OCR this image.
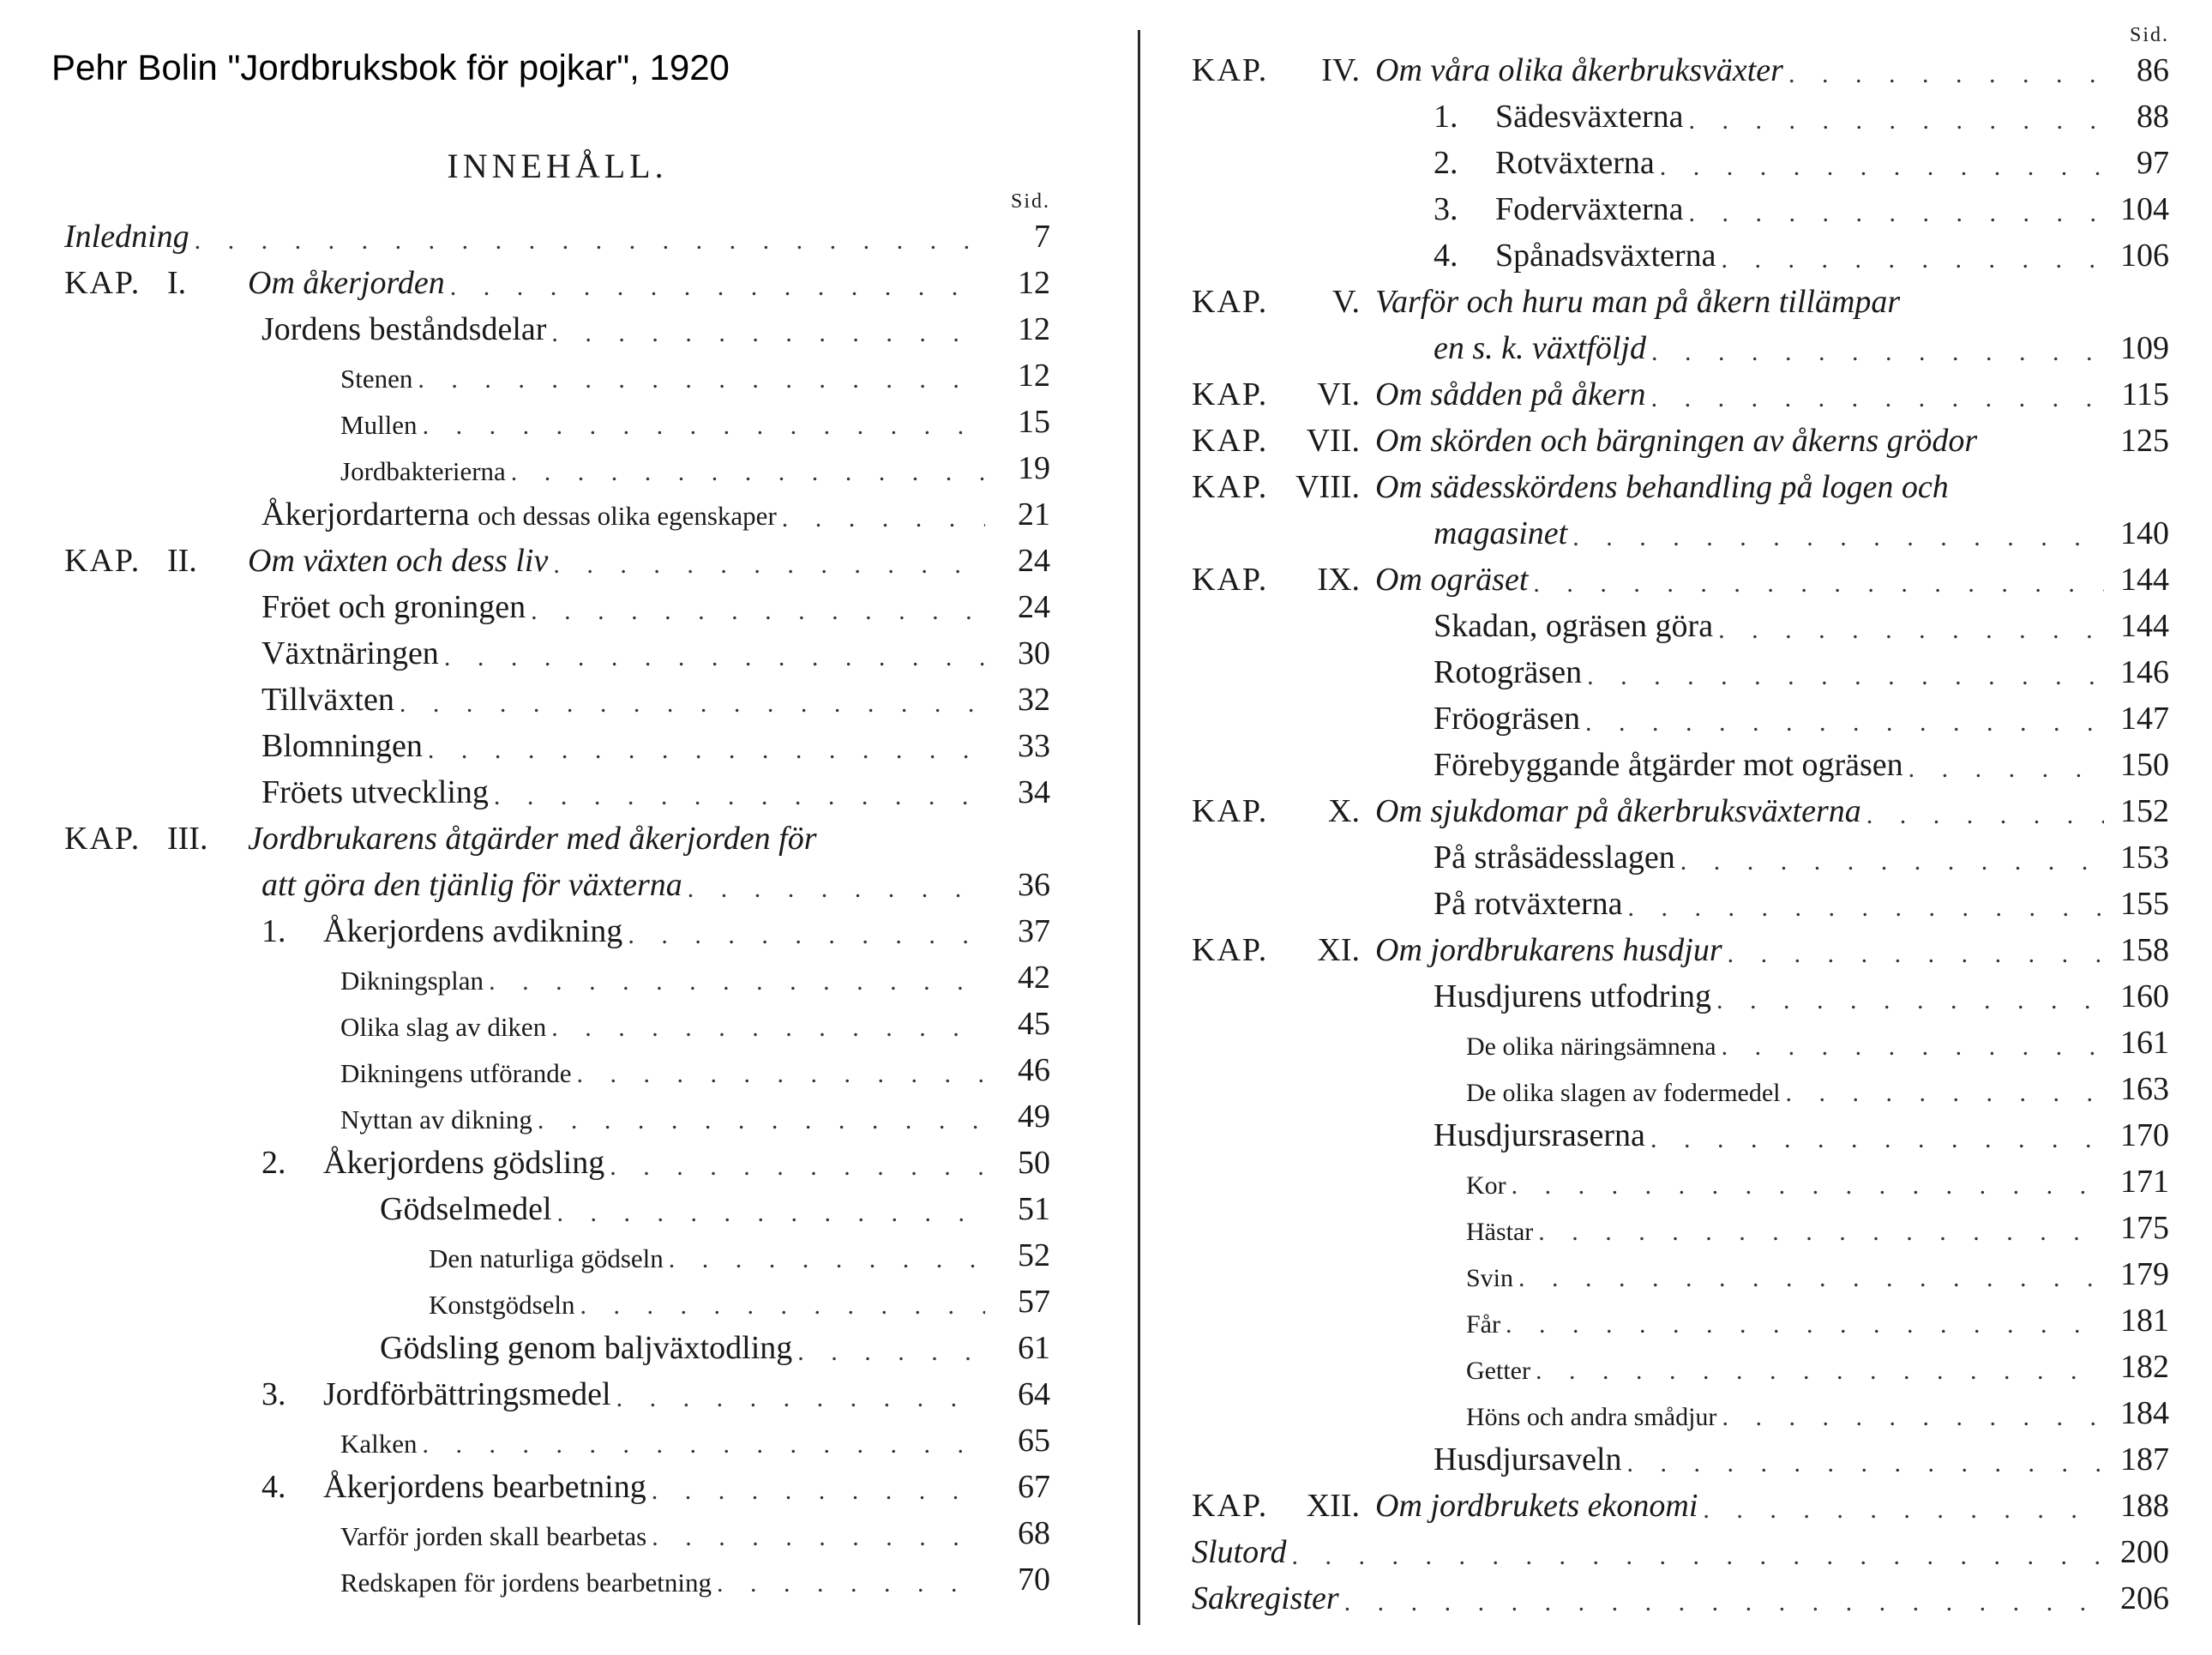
Pehr Bolin "Jordbruksbok för pojkar", 1920
INNEHÅLL.
Sid.
Inledning . . .	7
KAP. I.	Om åkerjorden . . .	12
Jordens beståndsdelar . . .	12
Stenen . . .	12
Mullen . . .	15
Jordbakterierna . . .	19
Åkerjordarterna och dessas olika egenskaper . . .	21
KAP. II.	Om växten och dess liv . . .	24
Fröet och groningen . . .	24
Växtnäringen . . .	30
Tillväxten . . .	32
Blomningen . . .	33
Fröets utveckling . . .	34
KAP. III.	Jordbrukarens åtgärder med åkerjorden för
att göra den tjänlig för växterna . . .	36
1. Åkerjordens avdikning . . .	37
Dikningsplan . . .	42
Olika slag av diken . . .	45
Dikningens utförande . . .	46
Nyttan av dikning . . .	49
2. Åkerjordens gödsling . . .	50
Gödselmedel . . .	51
Den naturliga gödseln . . .	52
Konstgödseln . . .	57
Gödsling genom baljväxtodling . . .	61
3. Jordförbättringsmedel . . .	64
Kalken . . .	65
4. Åkerjordens bearbetning . . .	67
Varför jorden skall bearbetas . . .	68
Redskapen för jordens bearbetning . . .	70
Sid.
KAP.	IV. Om våra olika åkerbruksväxter . . .	86
1. Sädesväxterna . . .	88
2. Rotväxterna . . .	97
3. Foderväxterna . . .	104
4. Spånadsväxterna . . .	106
KAP.	V. Varför och huru man på åkern tillämpar
en s. k. växtföljd . . .	109
KAP.	VI. Om sådden på åkern . . .	115
KAP.	VII. Om skörden och bärgningen av åkerns grödor	125
KAP. VIII. Om sädesskördens behandling på logen och
magasinet . . .	140
KAP.	IX. Om ogräset . . .	144
Skadan, ogräsen göra . . .	144
Rotogräsen . . .	146
Fröogräsen . . .	147
Förebyggande åtgärder mot ogräsen . . .	150
KAP.	X. Om sjukdomar på åkerbruksväxterna . . .	152
På stråsädesslagen . . .	153
På rotväxterna . . .	155
KAP.	XI. Om jordbrukarens husdjur . . .	158
Husdjurens utfodring . . .	160
De olika näringsämnena . . .	161
De olika slagen av fodermedel . . .	163
Husdjursraserna . . .	170
Kor . . .	171
Hästar . . .	175
Svin . . .	179
Får . . .	181
Getter . . .	182
Höns och andra smådjur . . .	184
Husdjursaveln . . .	187
KAP.	XII. Om jordbrukets ekonomi . . .	188
Slutord . . .	200
Sakregister . . .	206
